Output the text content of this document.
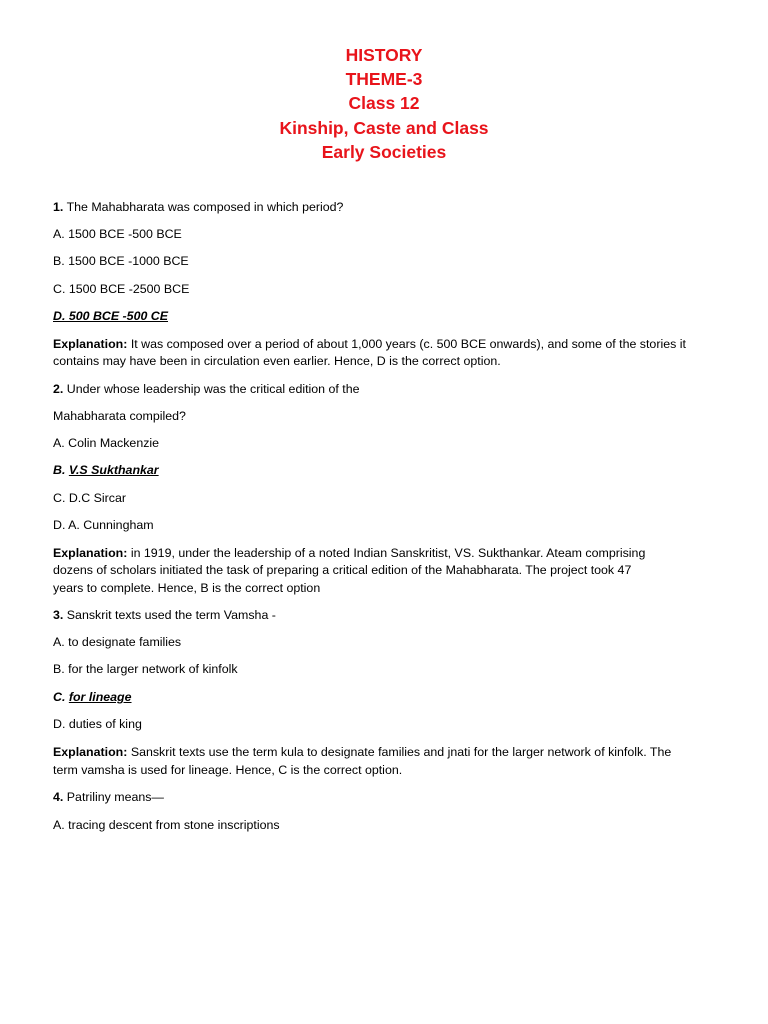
HISTORY
THEME-3
Class 12
Kinship, Caste and Class
Early Societies

1. The Mahabharata was composed in which period?

A. 1500 BCE -500 BCE

B. 1500 BCE -1000 BCE

C. 1500 BCE -2500 BCE

D. 500 BCE -500 CE

Explanation: It was composed over a period of about 1,000 years (c. 500 BCE onwards), and some of the stories it

contains may have been in circulation even earlier. Hence, D is the correct option.

2. Under whose leadership was the critical edition of the

Mahabharata compiled?

A. Colin Mackenzie

B. V.S Sukthankar

C. D.C Sircar

D. A. Cunningham

Explanation: in 1919, under the leadership of a noted Indian Sanskritist, VS. Sukthankar. Ateam comprising

dozens of scholars initiated the task of preparing a critical edition of the Mahabharata. The project took 47

years to complete. Hence, B is the correct option

3. Sanskrit texts used the term Vamsha -

A. to designate families

B. for the larger network of kinfolk

C. for lineage

D. duties of king

Explanation: Sanskrit texts use the term kula to designate families and jnati for the larger network of kinfolk. The

term vamsha is used for lineage. Hence, C is the correct option.

4. Patriliny means—

A. tracing descent from stone inscriptions
